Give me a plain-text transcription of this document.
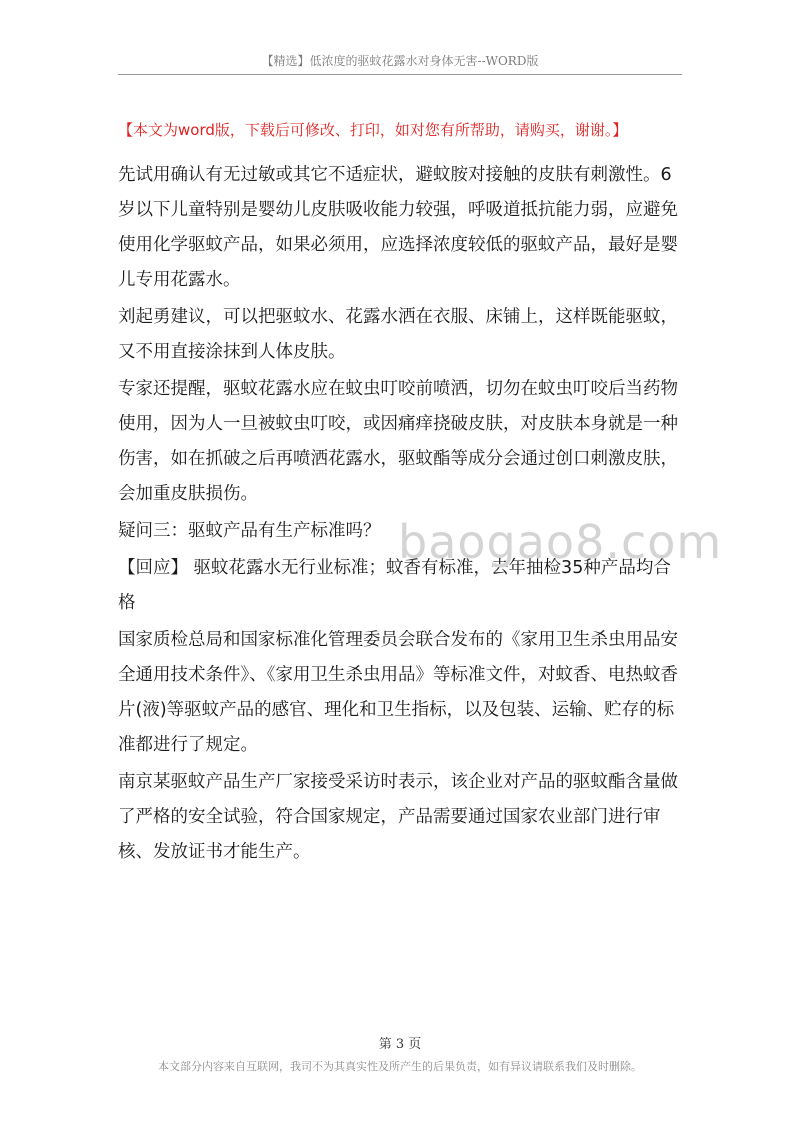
【精选】低浓度的驱蚊花露水对身体无害--WORD版
【本文为word版，下载后可修改、打印，如对您有所帮助，请购买，谢谢。】

先试用确认有无过敏或其它不适症状，避蚊胺对接触的皮肤有刺激性。6岁以下儿童特别是婴幼儿皮肤吸收能力较强，呼吸道抵抗能力弱，应避免使用化学驱蚊产品，如果必须用，应选择浓度较低的驱蚊产品，最好是婴儿专用花露水。

刘起勇建议，可以把驱蚊水、花露水洒在衣服、床铺上，这样既能驱蚊，又不用直接涂抹到人体皮肤。

专家还提醒，驱蚊花露水应在蚊虫叮咬前喷洒，切勿在蚊虫叮咬后当药物使用，因为人一旦被蚊虫叮咬，或因痛痒挠破皮肤，对皮肤本身就是一种伤害，如在抓破之后再喷洒花露水，驱蚊酯等成分会通过创口刺激皮肤，会加重皮肤损伤。

疑问三：驱蚊产品有生产标准吗？

【回应】 驱蚊花露水无行业标准；蚊香有标准，去年抽检35种产品均合格

国家质检总局和国家标准化管理委员会联合发布的《家用卫生杀虫用品安全通用技术条件》、《家用卫生杀虫用品》等标准文件，对蚊香、电热蚊香片(液)等驱蚊产品的感官、理化和卫生指标，以及包装、运输、贮存的标准都进行了规定。

南京某驱蚊产品生产厂家接受采访时表示，该企业对产品的驱蚊酯含量做了严格的安全试验，符合国家规定，产品需要通过国家农业部门进行审核、发放证书才能生产。

baogao8.com
第 3 页
本文部分内容来自互联网，我司不为其真实性及所产生的后果负责，如有异议请联系我们及时删除。
